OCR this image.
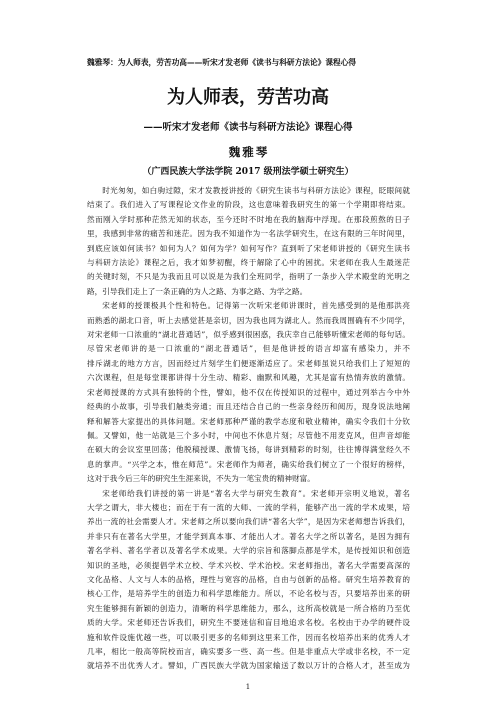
魏雅琴：为人师表，劳苦功高——听宋才发老师《读书与科研方法论》课程心得
为人师表，劳苦功高
——听宋才发老师《读书与科研方法论》课程心得
魏雅琴
（广西民族大学法学院 2017 级刑法学硕士研究生）
时光匆匆，如白驹过隙，宋才发教授讲授的《研究生读书与科研方法论》课程，眨眼间就
结束了。我们进入了写课程论文作业的阶段，这也意味着我研究生的第一个学期即将结束。
然而刚入学时那种茫然无知的状态，至今还时不时地在我的脑海中浮现。在那段煎熬的日子
里，我感到非常的痛苦和迷茫。因为我不知道作为一名法学研究生，在这有限的三年时间里，
到底应该如何读书？如何为人？如何为学？如何写作？直到听了宋老师讲授的《研究生读书
与科研方法论》课程之后，我才如梦初醒，终于解除了心中的困扰。宋老师在我人生最迷茫
的关键时刻，不只是为我而且可以说是为我们全班同学，指明了一条步入学术殿堂的光明之
路，引导我们走上了一条正确的为人之路、为事之路、为学之路。
宋老师的授课极具个性和特色。记得第一次听宋老师讲课时，首先感受到的是他那洪亮
而熟悉的湖北口音，听上去感觉甚是亲切，因为我也同为湖北人。然而我周围确有不少同学，
对宋老师一口浓重的“湖北普通话”，似乎感到很困惑，我庆幸自己能够听懂宋老师的每句话。
尽管宋老师讲的是一口浓重的“湖北普通话”，但是他讲授的语言却富有感染力，并不
排斥湖北的地方方言，因而经过片刻学生们便逐渐适应了。宋老师虽说只给我们上了短短的
六次课程，但是每堂课都讲得十分生动、精彩、幽默和风趣，尤其是富有热情奔放的激情。
宋老师授课的方式具有独特的个性，譬如，他不仅在传授知识的过程中，通过列举古今中外
经典的小故事，引导我们触类旁通；而且还结合自己的一些亲身经历和阅历，现身说法地阐
释和解答大家提出的具体问题。宋老师那种严谨的教学态度和敬业精神，确实令我们十分钦
佩。又譬如，他一站就是三个多小时，中间也不休息片刻；尽管他不用麦克风，但声音却能
在硕大的会议室里回荡；他脱稿授课、激情飞扬，每讲到精彩的时刻，往往博得满堂经久不
息的掌声。“兴学之本，惟在师范”。宋老师作为师者，确实给我们树立了一个很好的榜样，
这对于我今后三年的研究生生涯来说，不失为一笔宝贵的精神财富。
宋老师给我们讲授的第一讲是“著名大学与研究生教育”。宋老师开宗明义地说，著名
大学之谓大，非大楼也；而在于有一流的大师、一流的学科，能够产出一流的学术成果，培
养出一流的社会需要人才。宋老师之所以要向我们讲“著名大学”，是因为宋老师想告诉我们，
并非只有在著名大学里，才能学到真本事、才能出人才。著名大学之所以著名，是因为拥有
著名学科、著名学者以及著名学术成果。大学的宗旨和落脚点都是学术，是传授知识和创造
知识的圣地，必须提倡学术立校、学术兴校、学术治校。宋老师指出，著名大学需要高深的
文化品格、人文与人本的品格，理性与宽容的品格，自由与创新的品格。研究生培养教育的
核心工作，是培养学生的创造力和科学思维能力。所以，不论名校与否，只要培养出来的研
究生能够拥有新颖的创造力，清晰的科学思维能力，那么，这所高校就是一所合格的乃至优
质的大学。宋老师还告诉我们，研究生不要迷信和盲目地追求名校。名校由于办学的硬件设
施和软件设施优越一些，可以吸引更多的名师到这里来工作，因而名校培养出来的优秀人才
几率，相比一般高等院校而言，确实要多一些、高一些。但是非重点大学或非名校，不一定
就培养不出优秀人才。譬如，广西民族大学就为国家输送了数以万计的合格人才，甚至成为
1
